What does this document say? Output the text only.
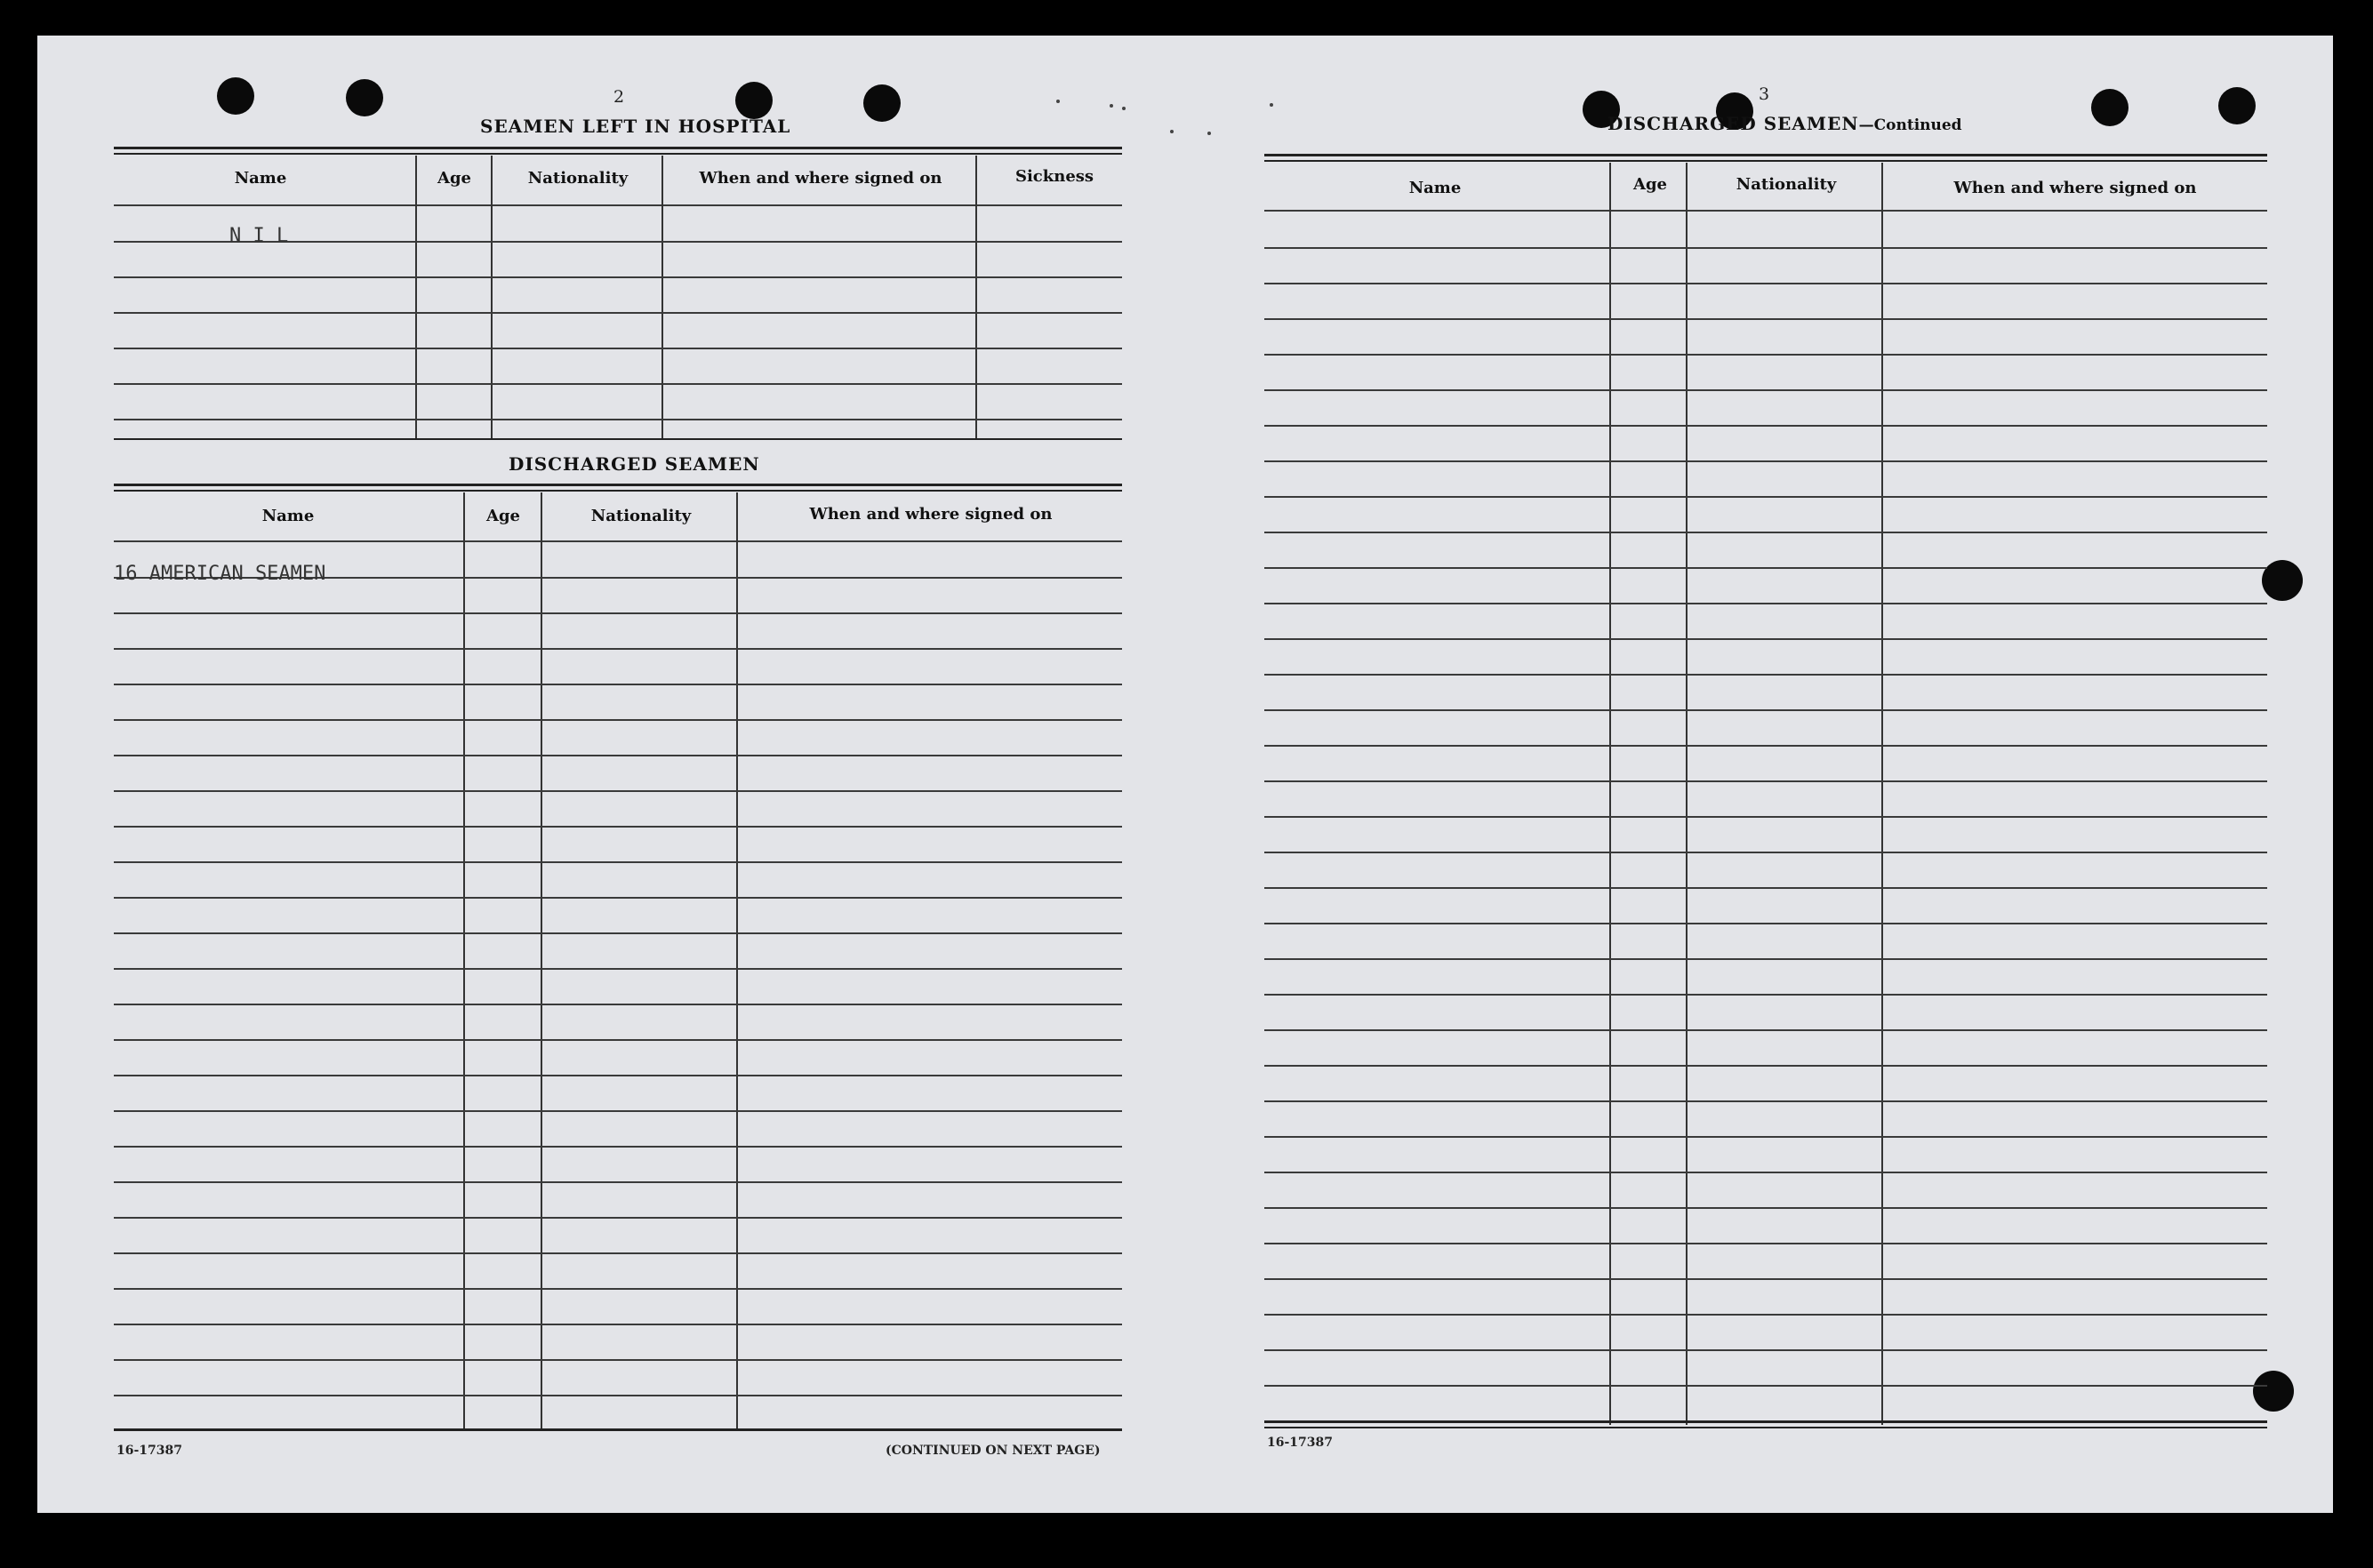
2
SEAMEN LEFT IN HOSPITAL
Name	Age	Nationality	When and where signed on	Sickness
N I L
DISCHARGED SEAMEN
Name	Age	Nationality	When and where signed on
16 AMERICAN SEAMEN
16-17387	(CONTINUED ON NEXT PAGE)
3
DISCHARGED SEAMEN—Continued
Name	Age	Nationality	When and where signed on
16-17387
